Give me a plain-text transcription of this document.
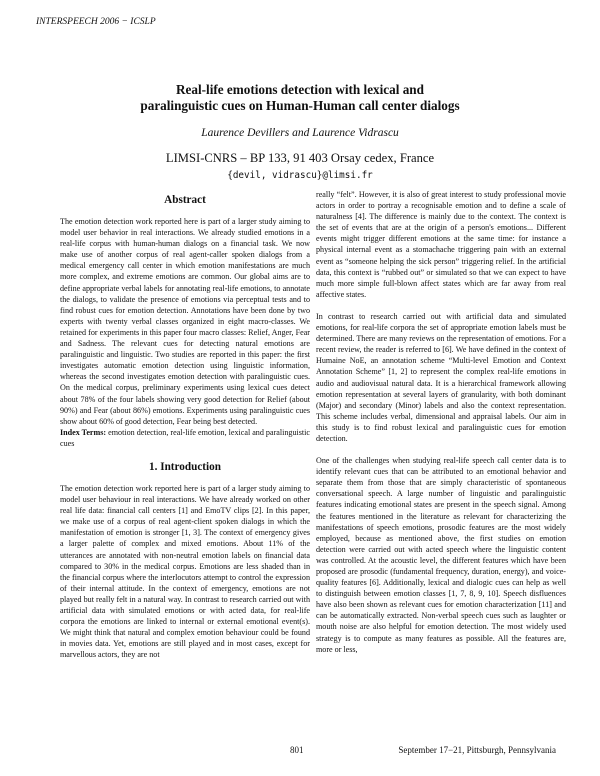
INTERSPEECH 2006 − ICSLP
Real-life emotions detection with lexical and
paralinguistic cues on Human-Human call center dialogs
Laurence Devillers and Laurence Vidrascu
LIMSI-CNRS – BP 133, 91 403 Orsay cedex, France
{devil, vidrascu}@limsi.fr
Abstract

The emotion detection work reported here is part of a larger study aiming to model user behavior in real interactions. We already studied emotions in a real-life corpus with human-human dialogs on a financial task. We now make use of another corpus of real agent-caller spoken dialogs from a medical emergency call center in which emotion manifestations are much more complex, and extreme emotions are common. Our global aims are to define appropriate verbal labels for annotating real-life emotions, to annotate the dialogs, to validate the presence of emotions via perceptual tests and to find robust cues for emotion detection. Annotations have been done by two experts with twenty verbal classes organized in eight macro-classes. We retained for experiments in this paper four macro classes: Relief, Anger, Fear and Sadness. The relevant cues for detecting natural emotions are paralinguistic and linguistic. Two studies are reported in this paper: the first investigates automatic emotion detection using linguistic information, whereas the second investigates emotion detection with paralinguistic cues. On the medical corpus, preliminary experiments using lexical cues detect about 78% of the four labels showing very good detection for Relief (about 90%) and Fear (about 86%) emotions. Experiments using paralinguistic cues show about 60% of good detection, Fear being best detected.

Index Terms: emotion detection, real-life emotion, lexical and paralinguistic cues

1. Introduction

The emotion detection work reported here is part of a larger study aiming to model user behaviour in real interactions. We have already worked on other real life data: financial call centers [1] and EmoTV clips [2]. In this paper, we make use of a corpus of real agent-client spoken dialogs in which the manifestation of emotion is stronger [1, 3]. The context of emergency gives a larger palette of complex and mixed emotions. About 11% of the utterances are annotated with non-neutral emotion labels on financial data compared to 30% in the medical corpus. Emotions are less shaded than in the financial corpus where the interlocutors attempt to control the expression of their internal attitude. In the context of emergency, emotions are not played but really felt in a natural way. In contrast to research carried out with artificial data with simulated emotions or with acted data, for real-life corpora the emotions are linked to internal or external emotional event(s). We might think that natural and complex emotion behaviour could be found in movies data. Yet, emotions are still played and in most cases, except for marvellous actors, they are not

really “felt”. However, it is also of great interest to study professional movie actors in order to portray a recognisable emotion and to define a scale of naturalness [4]. The difference is mainly due to the context. The context is the set of events that are at the origin of a person's emotions... Different events might trigger different emotions at the same time: for instance a physical internal event as a stomachache triggering pain with an external event as “someone helping the sick person” triggering relief. In the artificial data, this context is “rubbed out” or simulated so that we can expect to have much more simple full-blown affect states which are far away from real affective states.

In contrast to research carried out with artificial data and simulated emotions, for real-life corpora the set of appropriate emotion labels must be determined. There are many reviews on the representation of emotions. For a recent review, the reader is referred to [6]. We have defined in the context of Humaine NoE, an annotation scheme “Multi-level Emotion and Context Annotation Scheme” [1, 2] to represent the complex real-life emotions in audio and audiovisual natural data. It is a hierarchical framework allowing emotion representation at several layers of granularity, with both dominant (Major) and secondary (Minor) labels and also the context representation. This scheme includes verbal, dimensional and appraisal labels. Our aim in this study is to find robust lexical and paralinguistic cues for emotion detection.

One of the challenges when studying real-life speech call center data is to identify relevant cues that can be attributed to an emotional behavior and separate them from those that are simply characteristic of spontaneous conversational speech. A large number of linguistic and paralinguistic features indicating emotional states are present in the speech signal. Among the features mentioned in the literature as relevant for characterizing the manifestations of speech emotions, prosodic features are the most widely employed, because as mentioned above, the first studies on emotion detection were carried out with acted speech where the linguistic content was controlled. At the acoustic level, the different features which have been proposed are prosodic (fundamental frequency, duration, energy), and voice-quality features [6]. Additionally, lexical and dialogic cues can help as well to distinguish between emotion classes [1, 7, 8, 9, 10]. Speech disfluences have also been shown as relevant cues for emotion characterization [11] and can be automatically extracted. Non-verbal speech cues such as laughter or mouth noise are also helpful for emotion detection. The most widely used strategy is to compute as many features as possible. All the features are, more or less,

801	September 17−21, Pittsburgh, Pennsylvania
